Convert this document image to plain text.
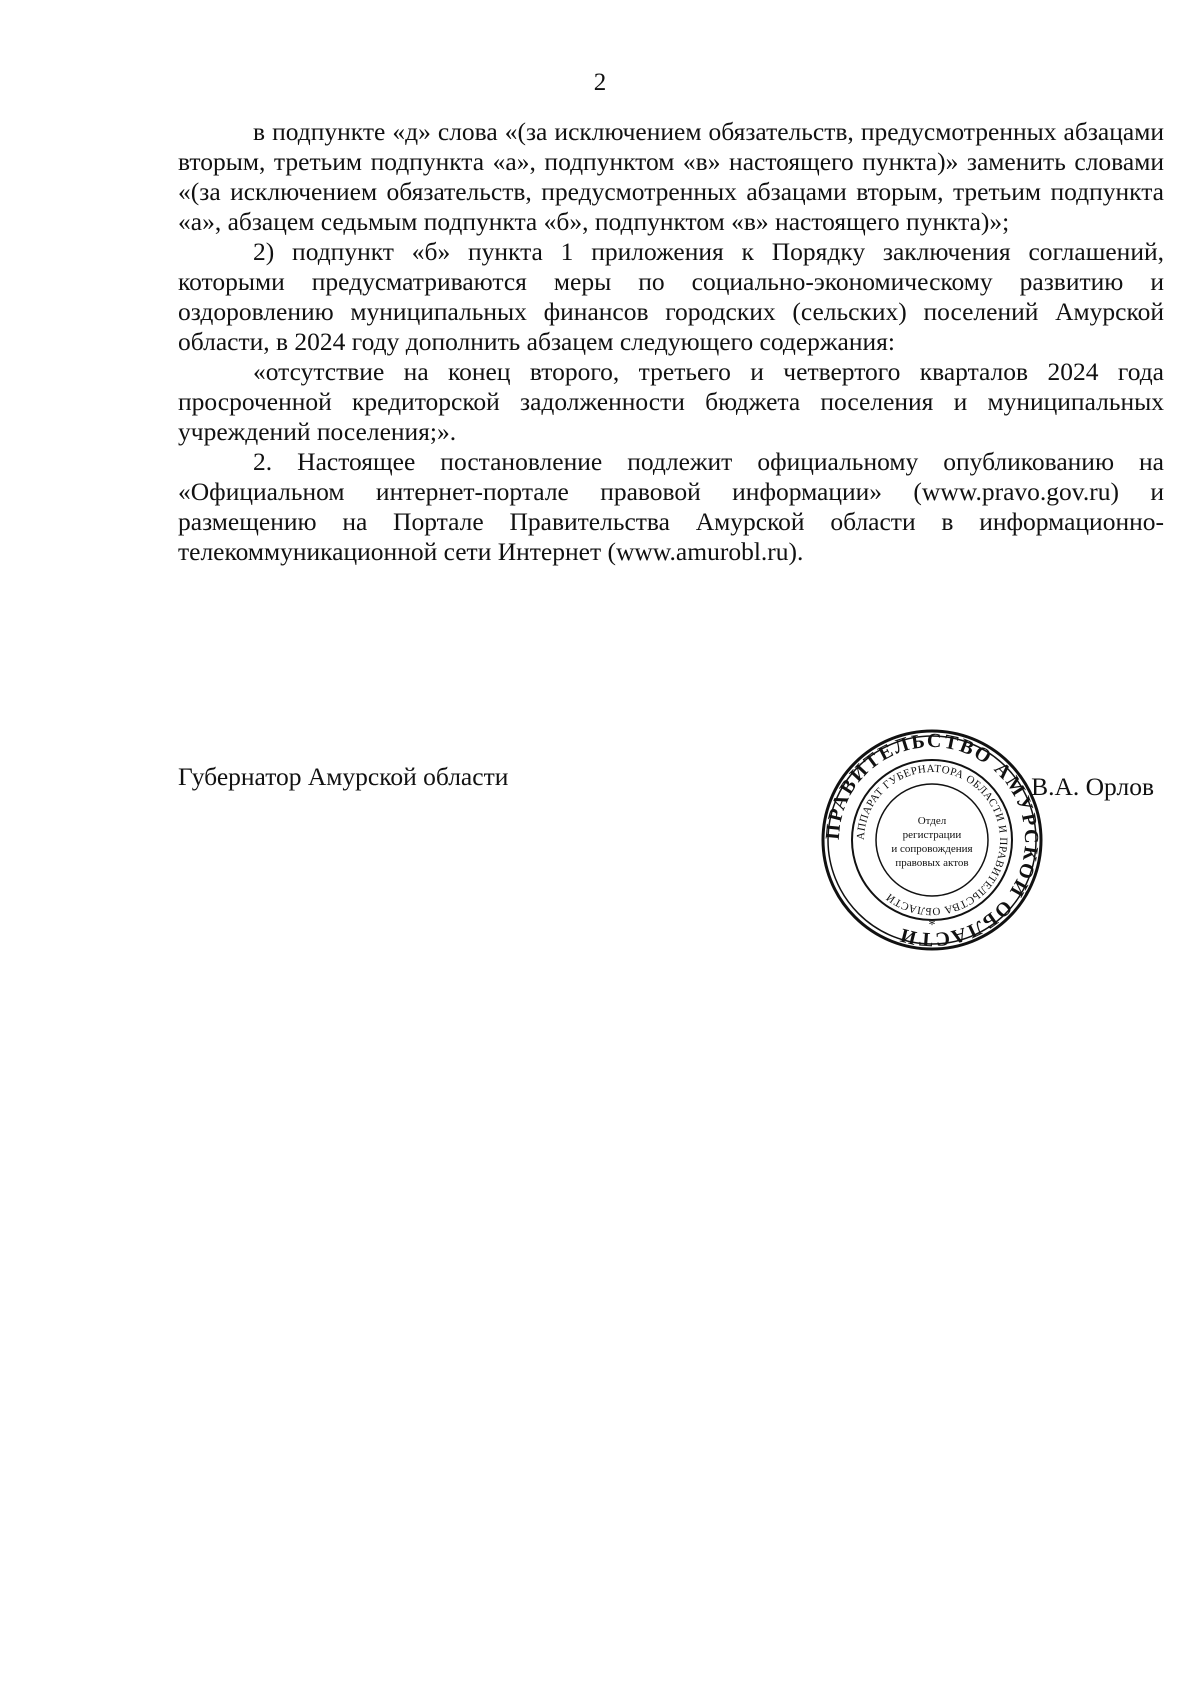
2

в подпункте «д» слова «(за исключением обязательств, предусмотренных абзацами вторым, третьим подпункта «а», подпунктом «в» настоящего пункта)» заменить словами «(за исключением обязательств, предусмотренных абзацами вторым, третьим подпункта «а», абзацем седьмым подпункта «б», подпунктом «в» настоящего пункта)»;

2) подпункт «б» пункта 1 приложения к Порядку заключения соглашений, которыми предусматриваются меры по социально-экономическому развитию и оздоровлению муниципальных финансов городских (сельских) поселений Амурской области, в 2024 году дополнить абзацем следующего содержания:

«отсутствие на конец второго, третьего и четвертого кварталов 2024 года просроченной кредиторской задолженности бюджета поселения и муниципальных учреждений поселения;».

2. Настоящее постановление подлежит официальному опубликованию на «Официальном интернет-портале правовой информации» (www.pravo.gov.ru) и размещению на Портале Правительства Амурской области в информационно-телекоммуникационной сети Интернет (www.amurobl.ru).

Губернатор Амурской области	В.А. Орлов
ПРАВИТЕЛЬСТВО АМУРСКОЙ ОБЛАСТИ
АППАРАТ ГУБЕРНАТОРА ОБЛАСТИ И ПРАВИТЕЛЬСТВА ОБЛАСТИ
Отдел
регистрации
и сопровождения
правовых актов
*
